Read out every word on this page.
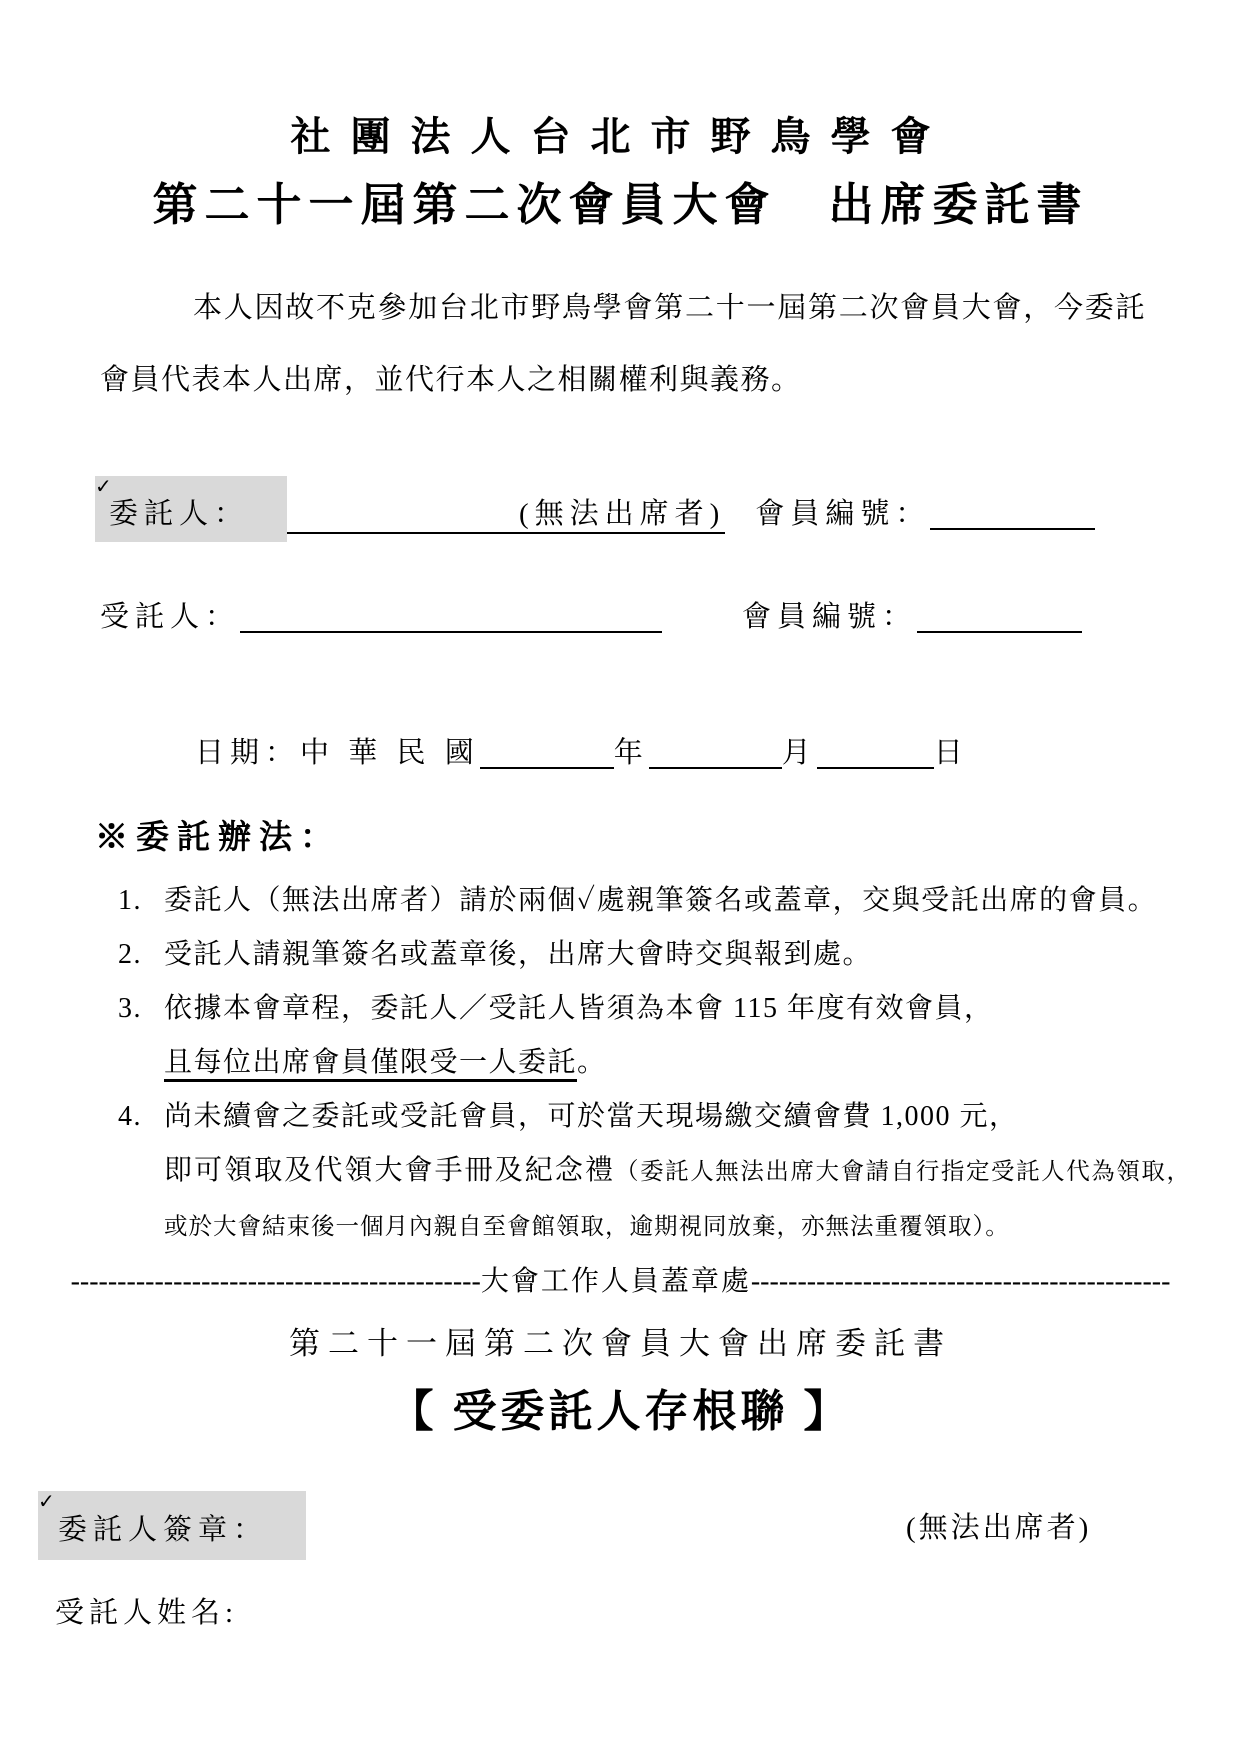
社團法人台北市野鳥學會
第二十一屆第二次會員大會　出席委託書
本人因故不克參加台北市野鳥學會第二十一屆第二次會員大會，今委託會員代表本人出席，並代行本人之相關權利與義務。
✓
委託人：	(無法出席者) 會員編號：
受託人：	會員編號：
日期：中 華 民 國	年	月	日
※委託辦法：
1. 委託人（無法出席者）請於兩個✓處親筆簽名或蓋章，交與受託出席的會員。
2. 受託人請親筆簽名或蓋章後，出席大會時交與報到處。
3. 依據本會章程，委託人／受託人皆須為本會 115 年度有效會員，
且每位出席會員僅限受一人委託。
4. 尚未續會之委託或受託會員，可於當天現場繳交續會費 1,000 元，
即可領取及代領大會手冊及紀念禮（委託人無法出席大會請自行指定受託人代為領取，或於大會結束後一個月內親自至會館領取，逾期視同放棄，亦無法重覆領取）。
-------------------------------------------- 大會工作人員蓋章處 ---------------------------------------------
第二十一屆第二次會員大會出席委託書
【 受委託人存根聯 】
✓
委託人簽章：	(無法出席者)
受託人姓名:
